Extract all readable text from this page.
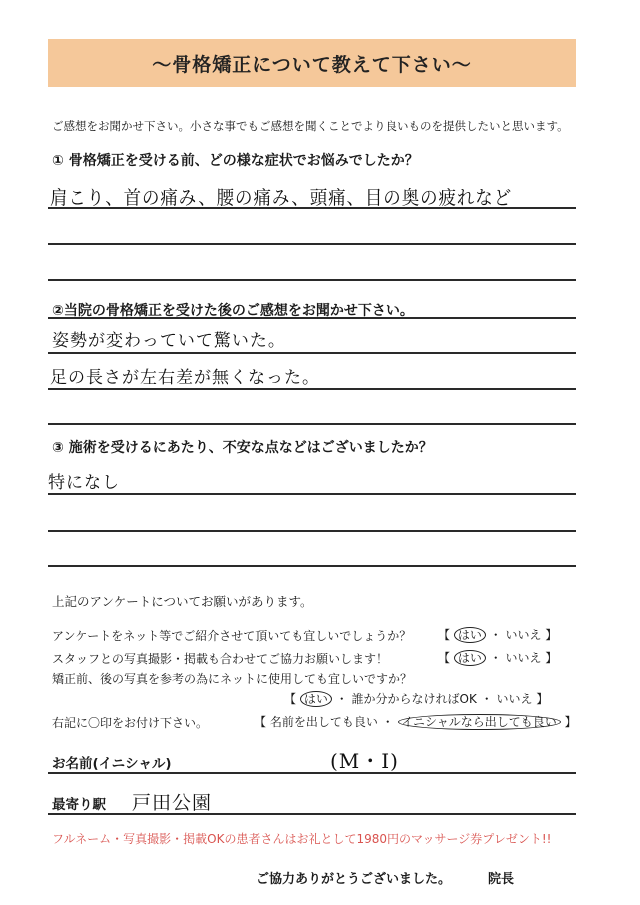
〜骨格矯正について教えて下さい〜
ご感想をお聞かせ下さい。小さな事でもご感想を聞くことでより良いものを提供したいと思います。
① 骨格矯正を受ける前、どの様な症状でお悩みでしたか？
肩こり、首の痛み、腰の痛み、頭痛、目の奥の疲れなど
②当院の骨格矯正を受けた後のご感想をお聞かせ下さい。
姿勢が変わっていて驚いた。
足の長さが左右差が無くなった。
③ 施術を受けるにあたり、不安な点などはございましたか？
特になし
上記のアンケートについてお願いがあります。
アンケートをネット等でご紹介させて頂いても宜しいでしょうか？ 【 はい ・ いいえ 】
スタッフとの写真撮影・掲載も合わせてご協力お願いします！	【 はい ・ いいえ 】
矯正前、後の写真を参考の為にネットに使用しても宜しいですか？
【 はい ・ 誰か分からなければOK ・ いいえ 】
右記に〇印をお付け下さい。	【 名前を出しても良い ・ イニシャルなら出しても良い 】
お名前(イニシャル)	(M・I)
最寄り駅 戸田公園
フルネーム・写真撮影・掲載OKの患者さんはお礼として1980円のマッサージ券プレゼント!!
ご協力ありがとうございました。	院長
